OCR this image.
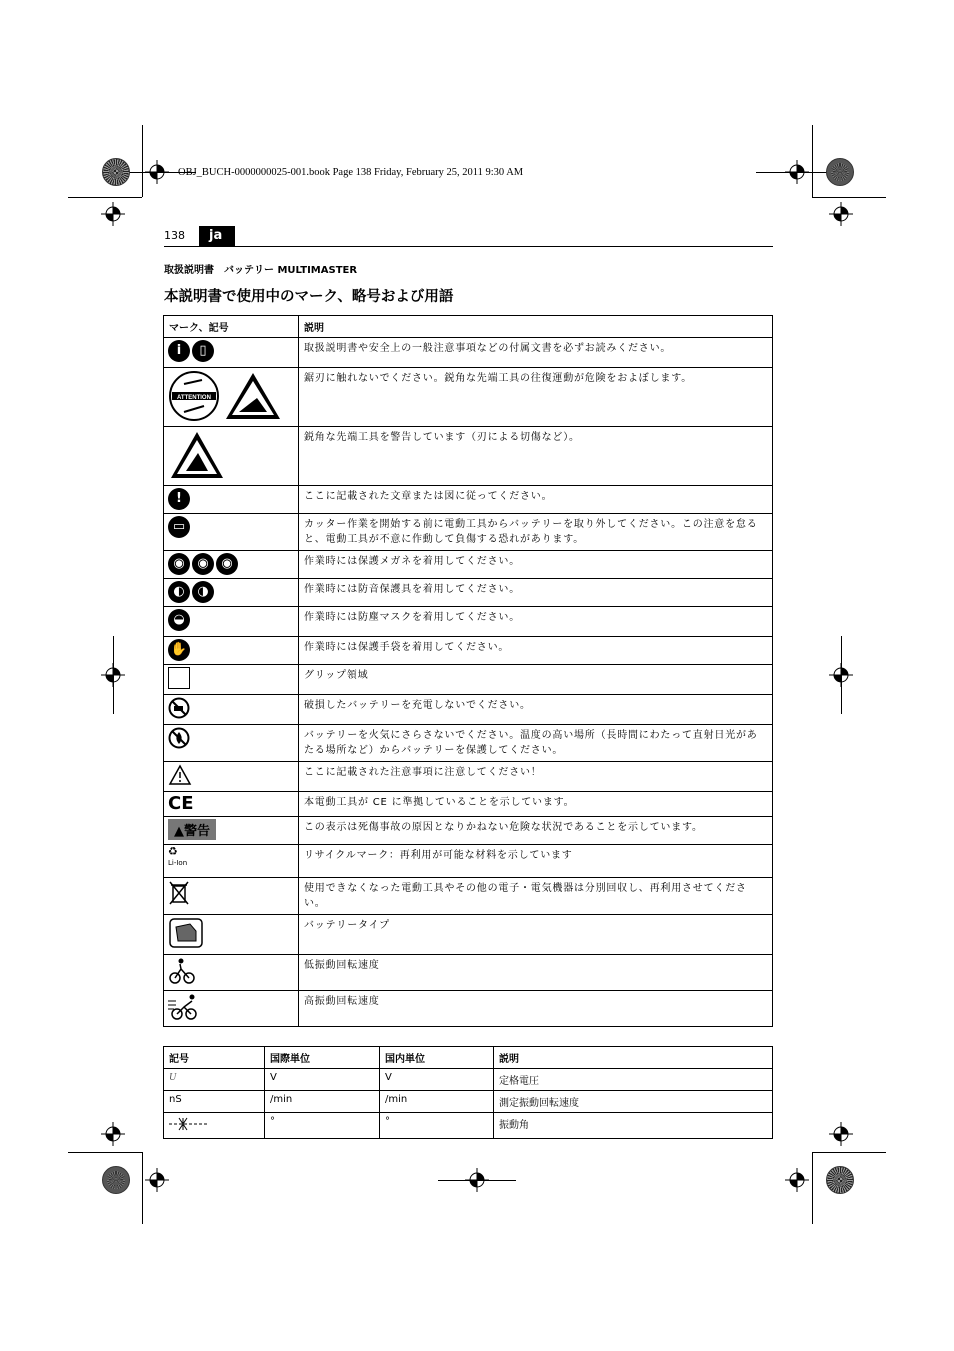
OBJ_BUCH-0000000025-001.book Page 138 Friday, February 25, 2011 9:30 AM
138	ja
取扱説明書　バッテリー MULTIMASTER
本説明書で使用中のマーク、略号および用語
マーク、記号	説明
i ▯	取扱説明書や安全上の一般注意事項などの付属文書を必ずお読みください。

ATTENTION	鋸刃に触れないでください。鋭角な先端工具の往復運動が危険をおよぼします。
	鋭角な先端工具を警告しています（刃による切傷など）。
!	ここに記載された文章または図に従ってください。
▭	カッター作業を開始する前に電動工具からバッテリーを取り外してください。この注意を怠ると、電動工具が不意に作動して負傷する恐れがあります。
◉ ◉ ◉	作業時には保護メガネを着用してください。
◐ ◑	作業時には防音保護具を着用してください。
◒	作業時には防塵マスクを着用してください。
✋	作業時には保護手袋を着用してください。
	グリップ領域
	破損したバッテリーを充電しないでください。
	バッテリーを火気にさらさないでください。温度の高い場所（長時間にわたって直射日光があたる場所など）からバッテリーを保護してください。
	ここに記載された注意事項に注意してください！
CE	本電動工具が CE に準拠していることを示しています。
▲警告	この表示は死傷事故の原因となりかねない危険な状況であることを示しています。

♻
Li-Ion	リサイクルマーク：再利用が可能な材料を示しています
	使用できなくなった電動工具やその他の電子・電気機器は分別回収し、再利用させてください。
	バッテリータイプ
	低振動回転速度
	高振動回転速度
記号	国際単位	国内単位	説明
U	V	V	定格電圧
nS	/min	/min	測定振動回転速度
	°	°	振動角
